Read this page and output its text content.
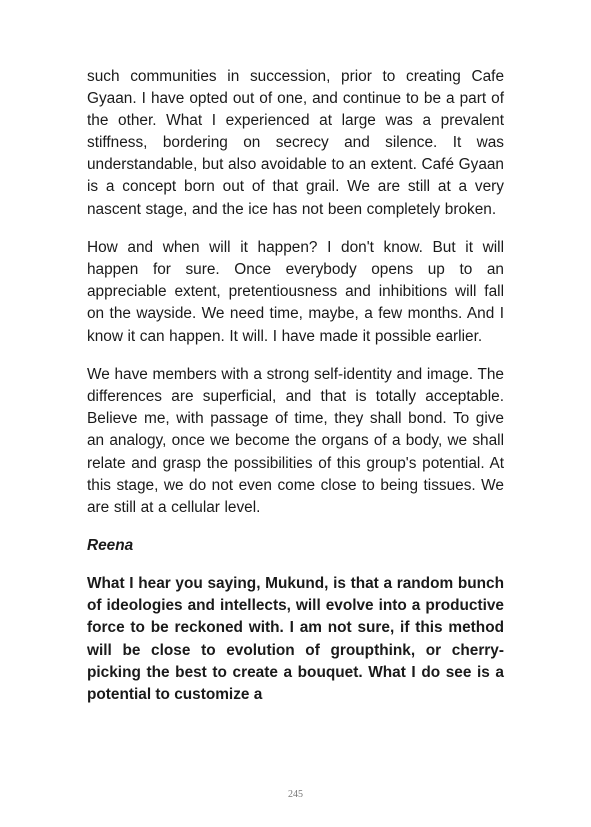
such communities in succession, prior to creating Cafe Gyaan. I have opted out of one, and continue to be a part of the other. What I experienced at large was a prevalent stiffness, bordering on secrecy and silence. It was understandable, but also avoidable to an extent. Café Gyaan is a concept born out of that grail. We are still at a very nascent stage, and the ice has not been completely broken.

How and when will it happen? I don't know. But it will happen for sure. Once everybody opens up to an appreciable extent, pretentiousness and inhibitions will fall on the wayside. We need time, maybe, a few months. And I know it can happen. It will. I have made it possible earlier.

We have members with a strong self-identity and image. The differences are superficial, and that is totally acceptable. Believe me, with passage of time, they shall bond. To give an analogy, once we become the organs of a body, we shall relate and grasp the possibilities of this group's potential. At this stage, we do not even come close to being tissues. We are still at a cellular level.

Reena

What I hear you saying, Mukund, is that a random bunch of ideologies and intellects, will evolve into a productive force to be reckoned with. I am not sure, if this method will be close to evolution of groupthink, or cherry-picking the best to create a bouquet. What I do see is a potential to customize a

245
